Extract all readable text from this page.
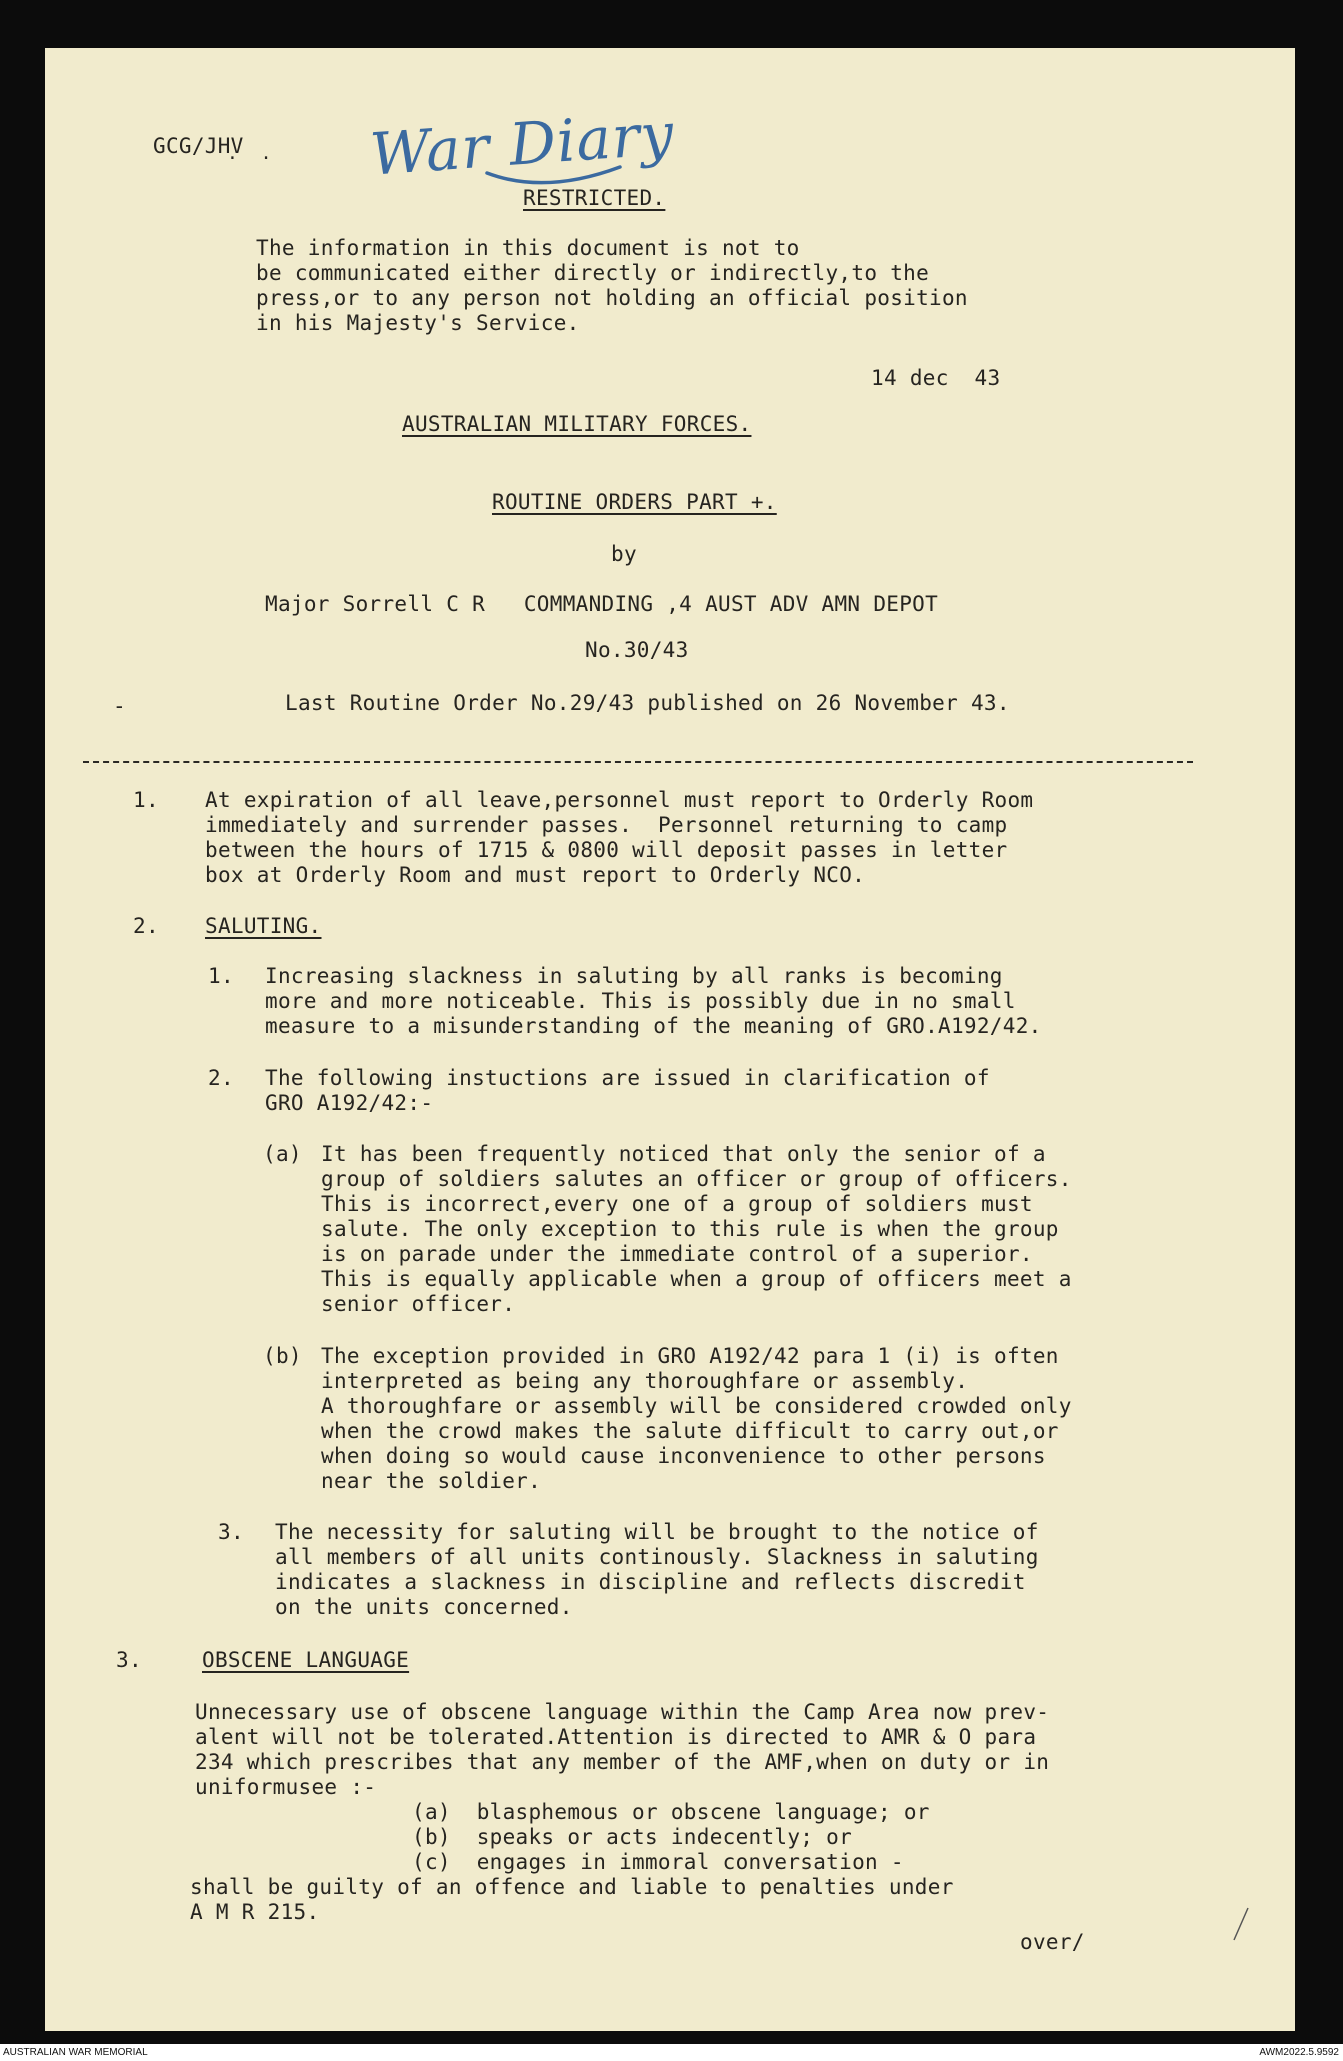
War Diary
· ·
GCG/JHV
RESTRICTED.
The information in this document is not to
be communicated either directly or indirectly,to the
press,or to any person not holding an official position
in his Majesty's Service.
14 dec  43
AUSTRALIAN MILITARY FORCES.
ROUTINE ORDERS PART +.
by
Major Sorrell C R   COMMANDING ,4 AUST ADV AMN DEPOT
No.30/43
-	Last Routine Order No.29/43 published on 26 November 43.
1. At expiration of all leave,personnel must report to Orderly Room
immediately and surrender passes.  Personnel returning to camp
between the hours of 1715 & 0800 will deposit passes in letter
box at Orderly Room and must report to Orderly NCO.
2. SALUTING.
1. Increasing slackness in saluting by all ranks is becoming
more and more noticeable. This is possibly due in no small
measure to a misunderstanding of the meaning of GRO.A192/42.
2. The following instuctions are issued in clarification of
GRO A192/42:-
(a) It has been frequently noticed that only the senior of a
group of soldiers salutes an officer or group of officers.
This is incorrect,every one of a group of soldiers must
salute. The only exception to this rule is when the group
is on parade under the immediate control of a superior.
This is equally applicable when a group of officers meet a
senior officer.
(b) The exception provided in GRO A192/42 para 1 (i) is often
interpreted as being any thoroughfare or assembly.
A thoroughfare or assembly will be considered crowded only
when the crowd makes the salute difficult to carry out,or
when doing so would cause inconvenience to other persons
near the soldier.
3. The necessity for saluting will be brought to the notice of
all members of all units continously. Slackness in saluting
indicates a slackness in discipline and reflects discredit
on the units concerned.
3.	OBSCENE LANGUAGE
Unnecessary use of obscene language within the Camp Area now prev-
alent will not be tolerated.Attention is directed to AMR & O para
234 which prescribes that any member of the AMF,when on duty or in
uniformusee :-
(a)  blasphemous or obscene language; or
(b)  speaks or acts indecently; or
(c)  engages in immoral conversation -
shall be guilty of an offence and liable to penalties under
A M R 215.
over/
AUSTRALIAN WAR MEMORIAL	AWM2022.5.9592
